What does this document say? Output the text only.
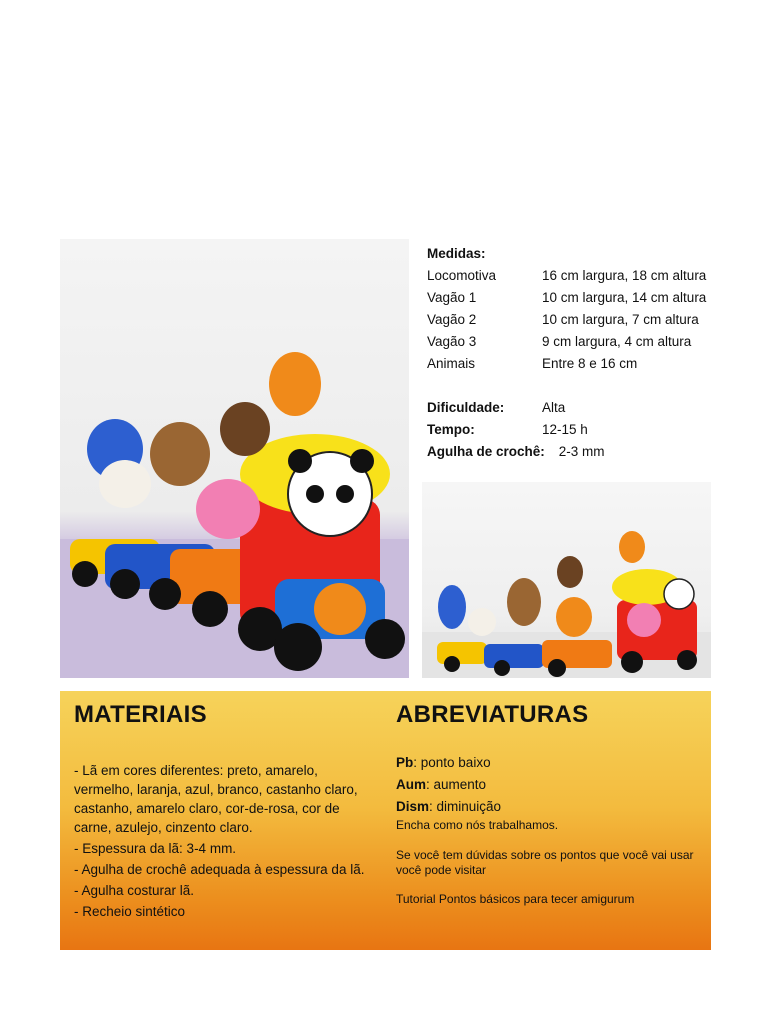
Medidas:
Locomotiva	16 cm largura, 18 cm altura
Vagão 1	10 cm largura, 14 cm altura
Vagão 2	10 cm largura, 7 cm altura
Vagão 3	9 cm largura, 4 cm altura
Animais	Entre 8 e 16 cm
Dificuldade:	Alta
Tempo:	12-15 h
Agulha de crochê: 2-3 mm
MATERIAIS
- Lã em cores diferentes: preto, amarelo, vermelho, laranja, azul, branco, castanho claro, castanho, amarelo claro, cor-de-rosa, cor de carne, azulejo, cinzento claro.
- Espessura da lã: 3-4 mm.
- Agulha de crochê adequada à espessura da lã.
- Agulha costurar lã.
- Recheio sintético
ABREVIATURAS
Pb: ponto baixo
Aum: aumento
Dism: diminuição
Encha como nós trabalhamos.
Se você tem dúvidas sobre os pontos que você vai usar você pode visitar
Tutorial Pontos básicos para tecer amigurum
